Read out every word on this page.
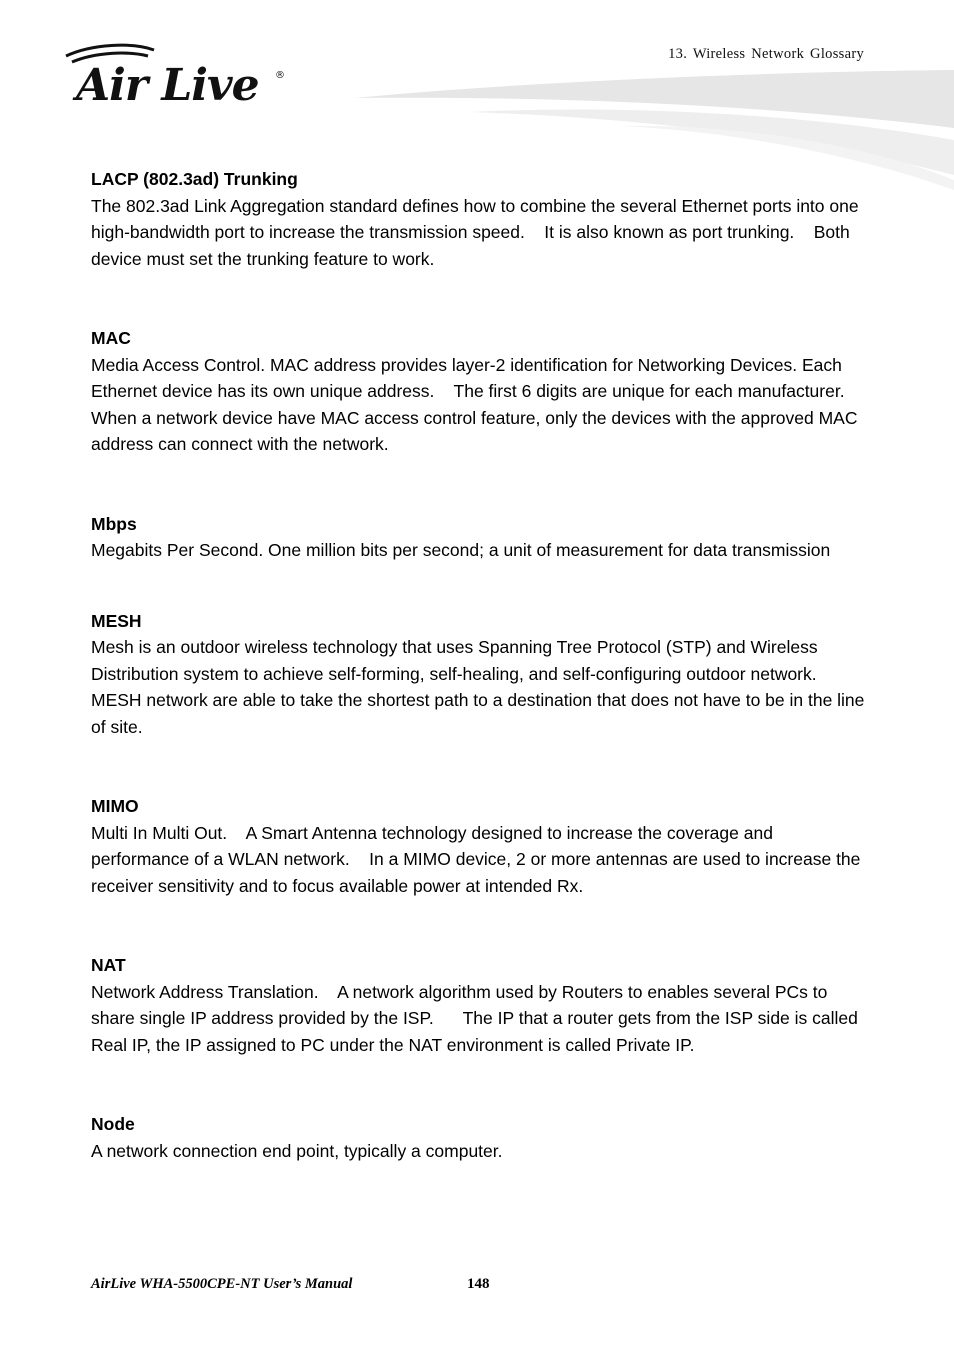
Air Live ®
13. Wireless Network Glossary

LACP (802.3ad) Trunking

The 802.3ad Link Aggregation standard defines how to combine the several Ethernet ports into one high-bandwidth port to increase the transmission speed.    It is also known as port trunking.    Both device must set the trunking feature to work.

MAC

Media Access Control. MAC address provides layer-2 identification for Networking Devices. Each Ethernet device has its own unique address.    The first 6 digits are unique for each manufacturer.    When a network device have MAC access control feature, only the devices with the approved MAC address can connect with the network.

Mbps

Megabits Per Second. One million bits per second; a unit of measurement for data transmission

MESH

Mesh is an outdoor wireless technology that uses Spanning Tree Protocol (STP) and Wireless Distribution system to achieve self-forming, self-healing, and self-configuring outdoor network.    MESH network are able to take the shortest path to a destination that does not have to be in the line of site.

MIMO

Multi In Multi Out.    A Smart Antenna technology designed to increase the coverage and performance of a WLAN network.    In a MIMO device, 2 or more antennas are used to increase the receiver sensitivity and to focus available power at intended Rx.

NAT

Network Address Translation.    A network algorithm used by Routers to enables several PCs to share single IP address provided by the ISP.      The IP that a router gets from the ISP side is called Real IP, the IP assigned to PC under the NAT environment is called Private IP.

Node

A network connection end point, typically a computer.

AirLive WHA-5500CPE-NT User’s Manual	148
